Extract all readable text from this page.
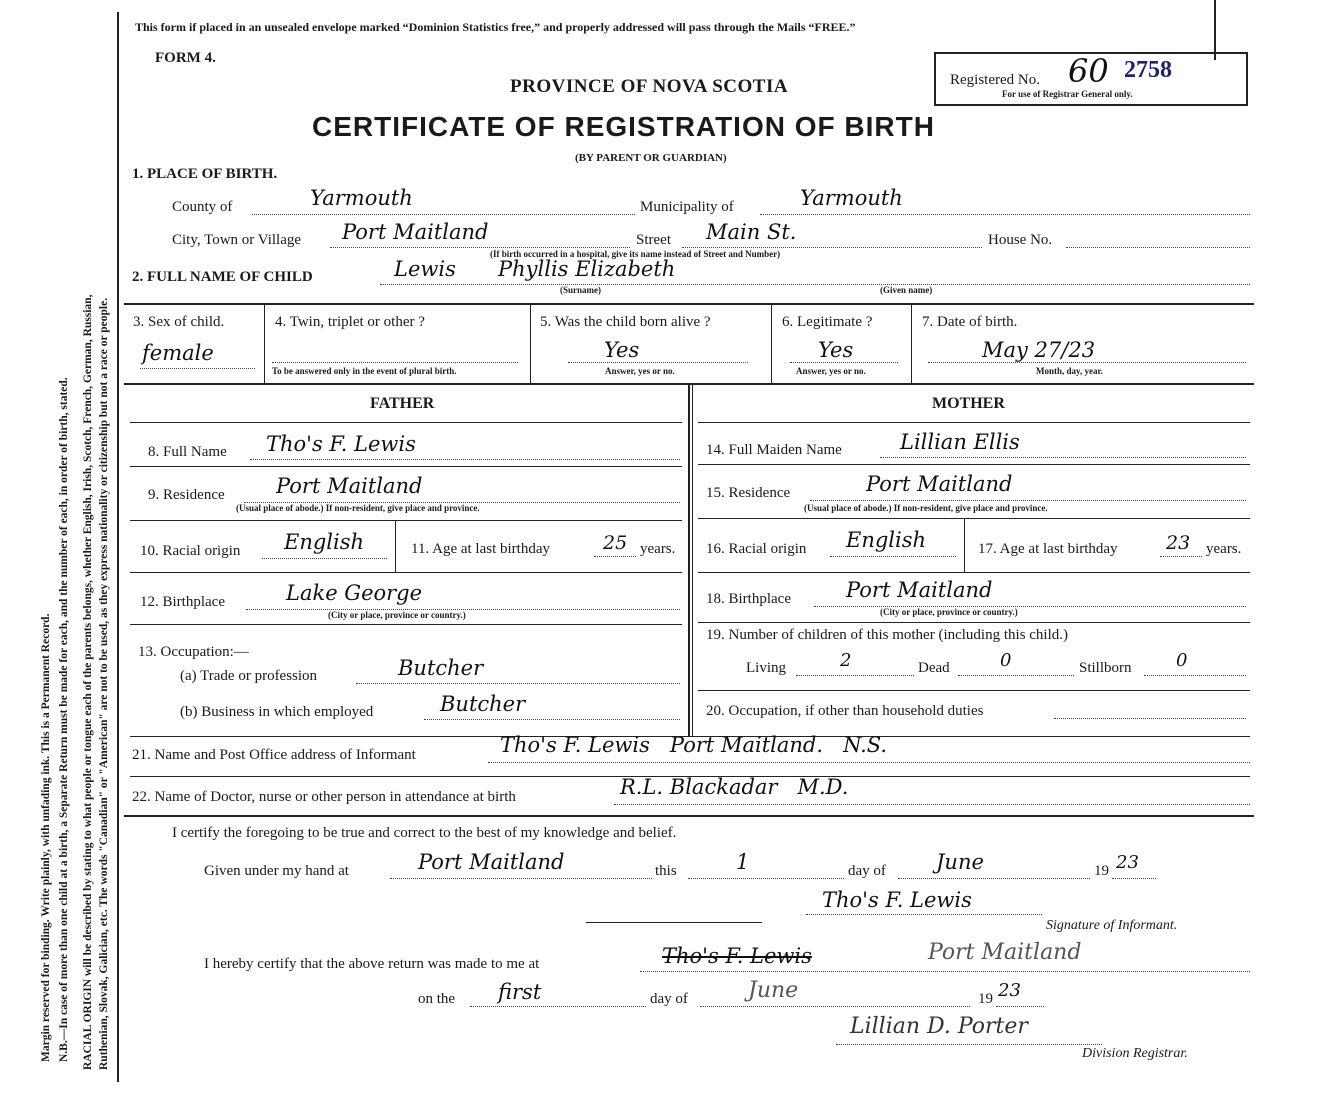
Margin reserved for binding. Write plainly, with unfading ink. This is a Permanent Record. N.B.—In case of more than one child at a birth, a Separate Return must be made for each, and the number of each, in order of birth, stated. RACIAL ORIGIN will be described by stating to what people or tongue each of the parents belongs, whether English, Irish, Scotch, French, German, Russian, Ruthenian, Slovak, Galician, etc. The words "Canadian" or "American" are not to be used, as they express nationality or citizenship but not a race or people.
This form if placed in an unsealed envelope marked “Dominion Statistics free,” and properly addressed will pass through the Mails “FREE.”
FORM 4.
PROVINCE OF NOVA SCOTIA
CERTIFICATE OF REGISTRATION OF BIRTH
(BY PARENT OR GUARDIAN)
Registered No. 60 2758
For use of Registrar General only.
1. PLACE OF BIRTH.
County of	Yarmouth	Municipality of	Yarmouth
City, Town or Village Port Maitland	Street Main St.	House No.
(If birth occurred in a hospital, give its name instead of Street and Number)
2. FULL NAME OF CHILD	Lewis Phyllis Elizabeth
(Surname)	(Given name)
3. Sex of child.
female
4. Twin, triplet or other ?
To be answered only in the event of plural birth.
5. Was the child born alive ?
Yes
Answer, yes or no.
6. Legitimate ?
Yes
Answer, yes or no.
7. Date of birth.
May 27/23
Month, day, year.
FATHER	MOTHER
8. Full Name Tho's F. Lewis
9. Residence Port Maitland
(Usual place of abode.) If non-resident, give place and province.
10. Racial origin English	11. Age at last birthday	25 years.
12. Birthplace	Lake George
(City or place, province or country.)
13. Occupation:—
(a) Trade or profession	Butcher
(b) Business in which employed	Butcher
14. Full Maiden Name	Lillian Ellis
15. Residence	Port Maitland
(Usual place of abode.) If non-resident, give place and province.
16. Racial origin English	17. Age at last birthday	23 years.
18. Birthplace	Port Maitland
(City or place, province or country.)
19. Number of children of this mother (including this child.)
Living	2	Dead	0	Stillborn 0
20. Occupation, if other than household duties
21. Name and Post Office address of Informant	Tho's F. Lewis   Port Maitland.   N.S.
22. Name of Doctor, nurse or other person in attendance at birth	R.L. Blackadar   M.D.
I certify the foregoing to be true and correct to the best of my knowledge and belief.
Given under my hand at	Port Maitland	this	1	day of June	19 23
Tho's F. Lewis
Signature of Informant.
I hereby certify that the above return was made to me at	Tho's F. Lewis	Port Maitland
on the first	day of	June	19 23
Lillian D. Porter
Division Registrar.
